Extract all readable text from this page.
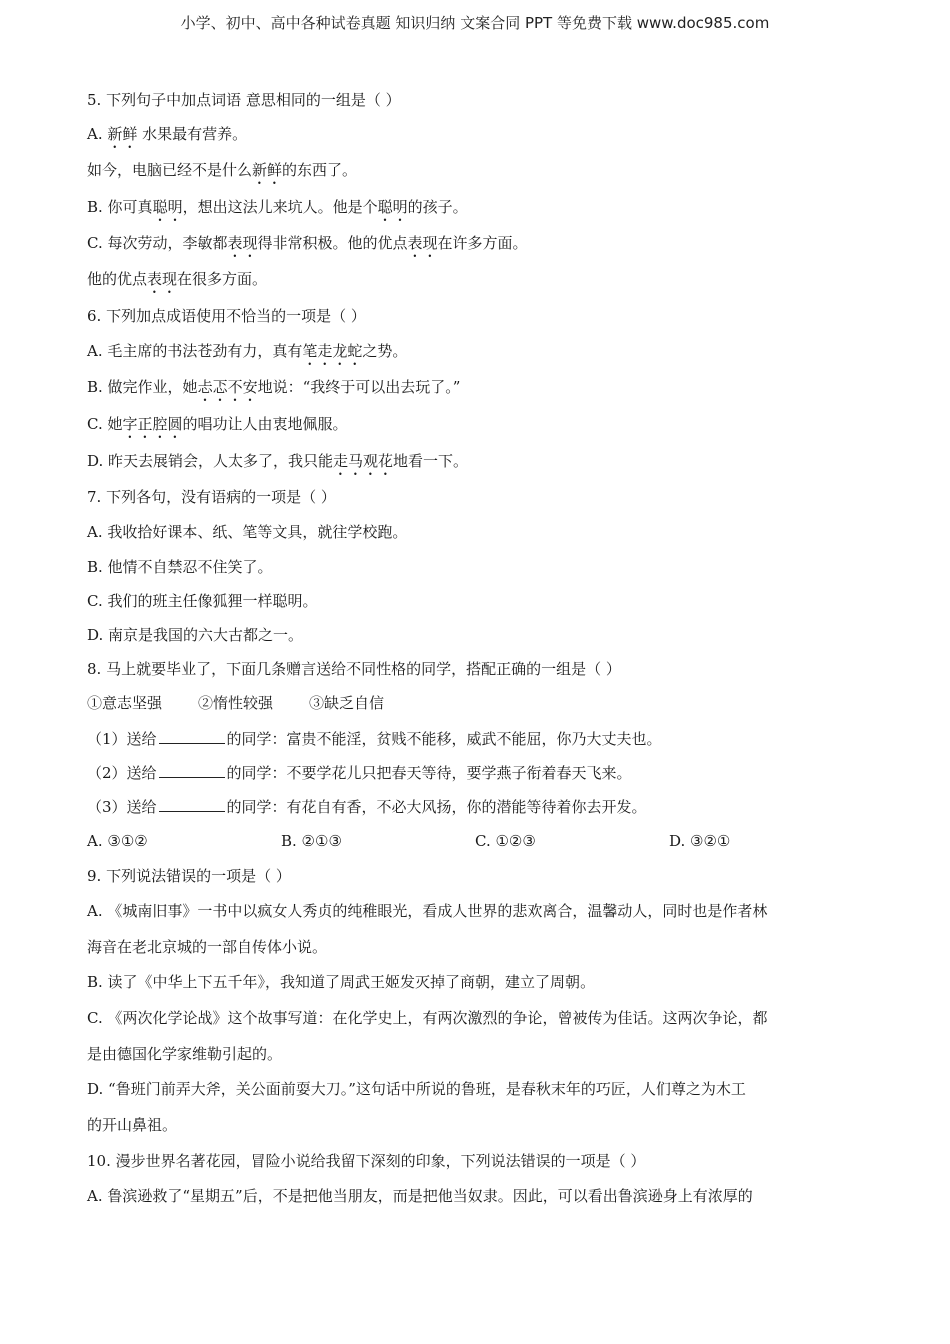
小学、初中、高中各种试卷真题 知识归纳 文案合同 PPT 等免费下载 www.doc985.com
5. 下列句子中加点词语 意思相同的一组是（ ）
A. 新鲜 水果最有营养。
如今，电脑已经不是什么新鲜的东西了。
B. 你可真聪明，想出这法儿来坑人。他是个聪明的孩子。
C. 每次劳动，李敏都表现得非常积极。他的优点表现在许多方面。
他的优点表现在很多方面。
6. 下列加点成语使用不恰当的一项是（ ）
A. 毛主席的书法苍劲有力，真有笔走龙蛇之势。
B. 做完作业，她忐忑不安地说：“我终于可以出去玩了。”
C. 她字正腔圆的唱功让人由衷地佩服。
D. 昨天去展销会，人太多了，我只能走马观花地看一下。
7. 下列各句，没有语病的一项是（ ）
A. 我收拾好课本、纸、笔等文具，就往学校跑。
B. 他情不自禁忍不住笑了。
C. 我们的班主任像狐狸一样聪明。
D. 南京是我国的六大古都之一。
8. 马上就要毕业了，下面几条赠言送给不同性格的同学，搭配正确的一组是（ ）
①意志坚强 ②惰性较强 ③缺乏自信
（1）送给	的同学：富贵不能淫，贫贱不能移，威武不能屈，你乃大丈夫也。
（2）送给	的同学：不要学花儿只把春天等待，要学燕子衔着春天飞来。
（3）送给	的同学：有花自有香，不必大风扬，你的潜能等待着你去开发。
A. ③①②	B. ②①③	C. ①②③	D. ③②①
9. 下列说法错误的一项是（ ）
A. 《城南旧事》一书中以疯女人秀贞的纯稚眼光，看成人世界的悲欢离合，温馨动人，同时也是作者林
海音在老北京城的一部自传体小说。
B. 读了《中华上下五千年》，我知道了周武王姬发灭掉了商朝，建立了周朝。
C. 《两次化学论战》这个故事写道：在化学史上，有两次激烈的争论，曾被传为佳话。这两次争论，都
是由德国化学家维勒引起的。
D. “鲁班门前弄大斧，关公面前耍大刀。”这句话中所说的鲁班，是春秋末年的巧匠，人们尊之为木工
的开山鼻祖。
10. 漫步世界名著花园，冒险小说给我留下深刻的印象，下列说法错误的一项是（ ）
A. 鲁滨逊救了“星期五”后，不是把他当朋友，而是把他当奴隶。因此，可以看出鲁滨逊身上有浓厚的
